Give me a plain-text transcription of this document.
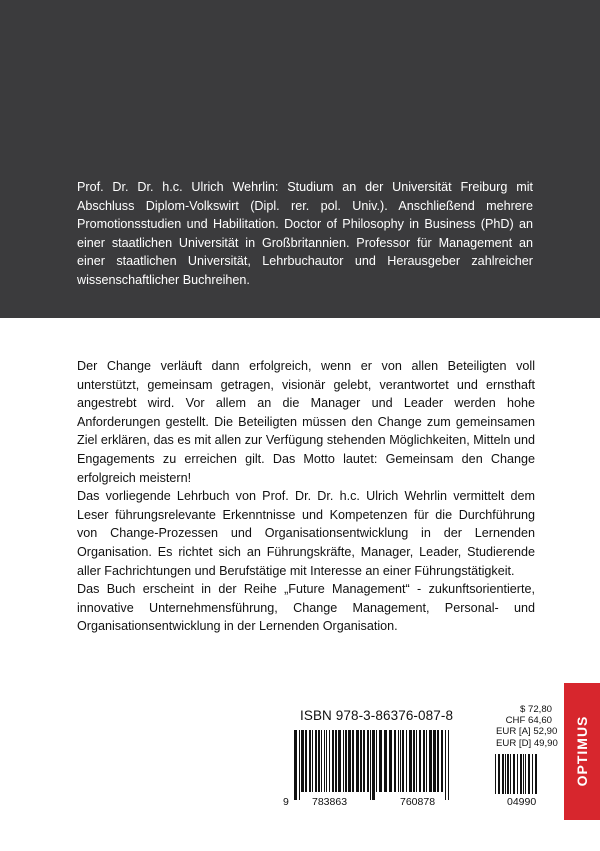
Prof. Dr. Dr. h.c. Ulrich Wehrlin: Studium an der Universität Freiburg mit Abschluss Diplom-Volkswirt (Dipl. rer. pol. Univ.). Anschließend mehrere Promotionsstudien und Habilitation. Doctor of Philosophy in Business (PhD) an einer staatlichen Universität in Großbritannien. Professor für Management an einer staatlichen Universität, Lehrbuchautor und Herausgeber zahlreicher wissenschaftlicher Buchreihen.

Der Change verläuft dann erfolgreich, wenn er von allen Beteiligten voll unterstützt, gemeinsam getragen, visionär gelebt, verantwortet und ernsthaft angestrebt wird. Vor allem an die Manager und Leader werden hohe Anforderungen gestellt. Die Beteiligten müssen den Change zum gemeinsamen Ziel erklären, das es mit allen zur Verfügung stehenden Möglichkeiten, Mitteln und Engagements zu erreichen gilt. Das Motto lautet: Gemeinsam den Change erfolgreich meistern!

Das vorliegende Lehrbuch von Prof. Dr. Dr. h.c. Ulrich Wehrlin vermittelt dem Leser führungsrelevante Erkenntnisse und Kompetenzen für die Durchführung von Change-Prozessen und Organisationsentwicklung in der Lernenden Organisation. Es richtet sich an Führungskräfte, Manager, Leader, Studierende aller Fachrichtungen und Berufstätige mit Interesse an einer Führungstätigkeit.

Das Buch erscheint in der Reihe „Future Management“ - zukunftsorientierte, innovative Unternehmensführung, Change Management, Personal- und Organisationsentwicklung in der Lernenden Organisation.

ISBN 978-3-86376-087-8
9 783863	760878
$ 72,80
CHF 64,60
EUR [A] 52,90
EUR [D] 49,90
04990
OPTIMUS
